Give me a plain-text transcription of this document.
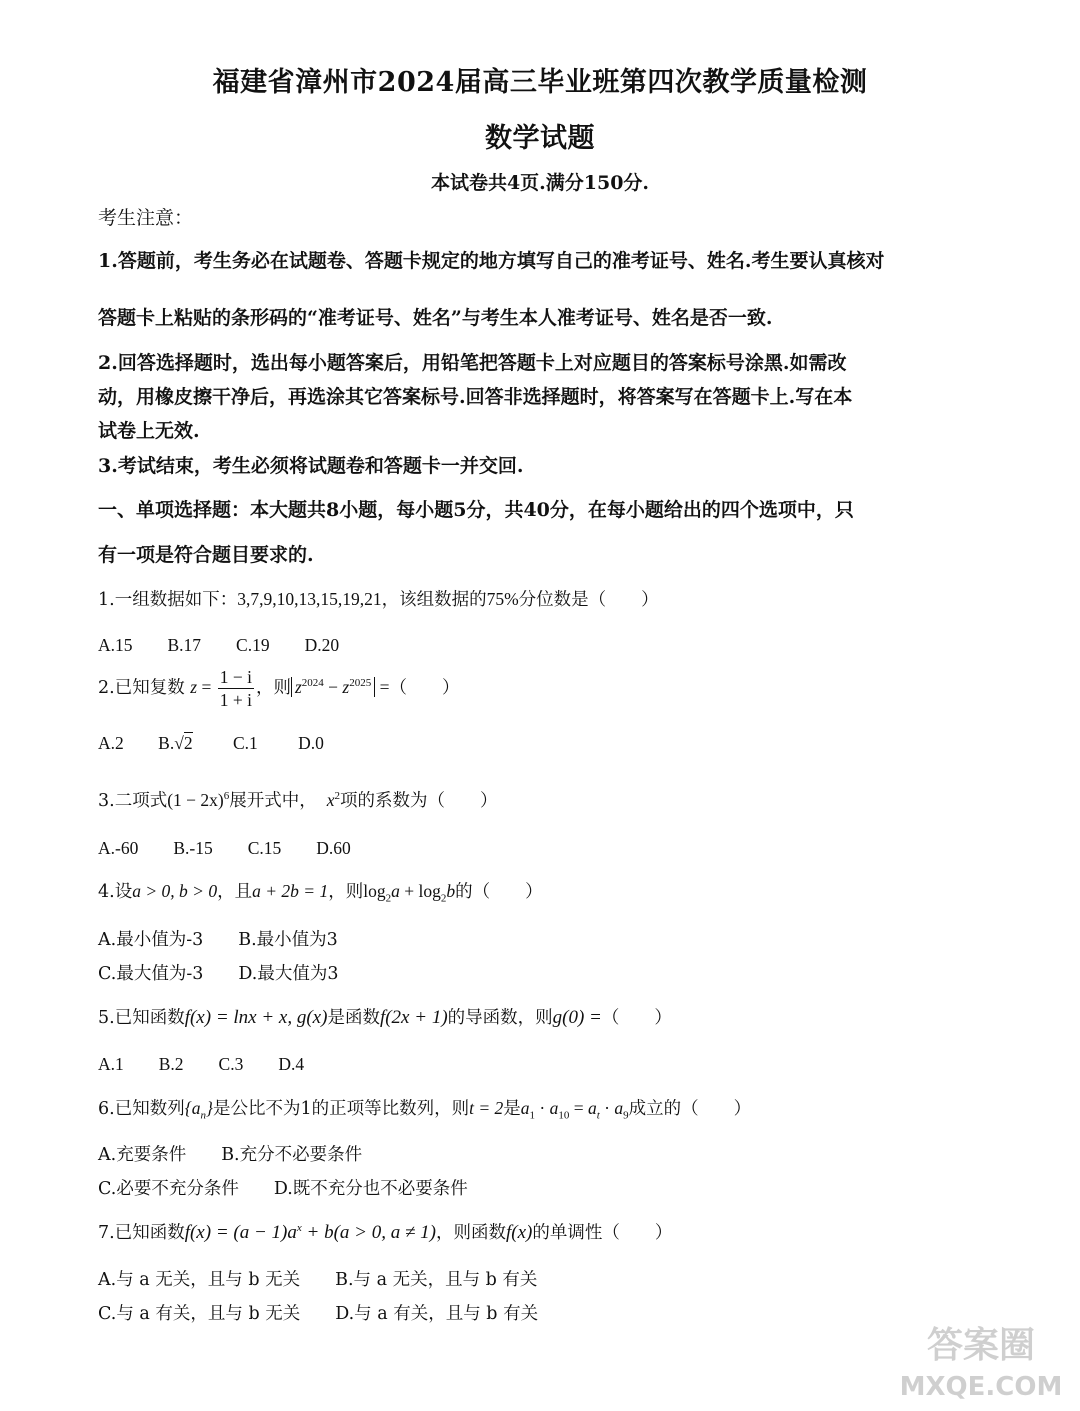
福建省漳州市2024届高三毕业班第四次教学质量检测
数学试题
本试卷共4页.满分150分.
考生注意：
1.答题前，考生务必在试题卷、答题卡规定的地方填写自己的准考证号、姓名.考生要认真核对
答题卡上粘贴的条形码的“准考证号、姓名”与考生本人准考证号、姓名是否一致.
2.回答选择题时，选出每小题答案后，用铅笔把答题卡上对应题目的答案标号涂黑.如需改
动，用橡皮擦干净后，再选涂其它答案标号.回答非选择题时，将答案写在答题卡上.写在本
试卷上无效.
3.考试结束，考生必须将试题卷和答题卡一并交回.
一、单项选择题：本大题共8小题，每小题5分，共40分，在每小题给出的四个选项中，只
有一项是符合题目要求的.
1.一组数据如下：3,7,9,10,13,15,19,21，该组数据的75%分位数是（　　）
A.15　　B.17　　C.19　　D.20
2.已知复数 $z = \frac{1 - i}{1 + i}$ ，则 $z^{2024} - z^{2025}$ =（　　）
A.2 B.√2 C.1 D.0
3.二项式$(1 - 2x)^6$展开式中， $x^2$项的系数为（　　）
A.-60　　B.-15　　C.15　　D.60
4.设a > 0, b > 0，且a + 2b = 1，则$\log_2a + \log_2b$的（　　）
A.最小值为-3　　B.最小值为3
C.最大值为-3　　D.最大值为3
5.已知函数f(x) = lnx + x, g(x)是函数f(2x + 1)的导函数，则g(0) =（　　）
A.1　　B.2　　C.3　　D.4
6.已知数列$\{a_n\}$是公比不为1的正项等比数列，则t = 2是$a_1 \cdot a_{10} = a_t \cdot a_9$成立的（　　）
A.充要条件　　B.充分不必要条件
C.必要不充分条件　　D.既不充分也不必要条件
7.已知函数$f(x) = (a - 1)a^x + b(a > 0$, a ≠ 1)，则函数f(x)的单调性（　　）
A.与 a 无关，且与 b 无关　　B.与 a 无关，且与 b 有关
C.与 a 有关，且与 b 无关　　D.与 a 有关，且与 b 有关
答案圈
MXQE.COM
